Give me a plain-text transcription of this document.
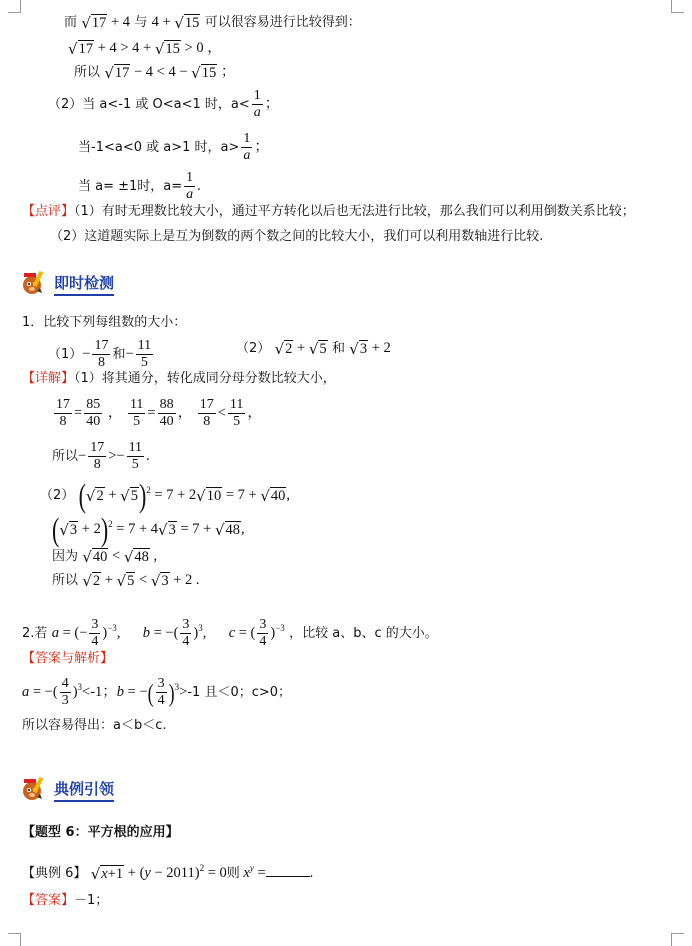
而 √ 17 + 4 与 4 + √ 15 可以很容易进行比较得到：
√ 17 + 4 > 4 + √ 15 > 0 ，
所以 √ 17 − 4 < 4 − √ 15 ；
（2）当 a<-1 或 O<a<1 时，$a< \frac{1}{a}$ ；
当-1<a<0 或 a>1 时，$a> \frac{1}{a}$ ；
当 a= ±1时，$a= \frac{1}{a}$ .
【点评】（1）有时无理数比较大小，通过平方转化以后也无法进行比较，那么我们可以利用倒数关系比较；
（2）这道题实际上是互为倒数的两个数之间的比较大小，我们可以利用数轴进行比较.
即时检测
1．比较下列每组数的大小：
$(1)- \frac{17}{8}$ 和− $\frac{11}{5}$	（2） √ 2 + √ 5 和 √ 3 + 2
【详解】（1）将其通分，转化成同分母分数比较大小，
$\frac{17}{8} = \frac{85}{40}$ ， $\frac{11}{5} = \frac{88}{40}$ ， $\frac{17}{8} < \frac{11}{5}$ ，
所以− $\frac{17}{8} >- \frac{11}{5}$ .
（2） ( √ 2 + √ 5 )$^2$ = 7 + 2 √ 10 = 7 + √ 40 ,
( √ 3 + 2)$^2$ = 7 + 4 √ 3 = 7 + √ 48 ,
因为 √ 40 < √ 48 ,
所以 √ 2 + √ 5 < √ 3 + 2 .
2.若 a = (− $\frac{3}{4} )^{-3}$, b = −( $\frac{3}{4} )^3$, c = ( $\frac{3}{4} )^{-3}$ ，比较 a、b、c 的大小。
【答案与解析】
a = −( $\frac{4}{3} )^3<-1$；b = −( $\frac{3}{4} )^3>-1$ 且＜0；c>0；
所以容易得出：a＜b＜c.
典例引领
【题型 6：平方根的应用】
【典例 6】 √ $x+1 + (y - 2011)^2 = 0$则 $x^y$ =	.
【答案】－1；
